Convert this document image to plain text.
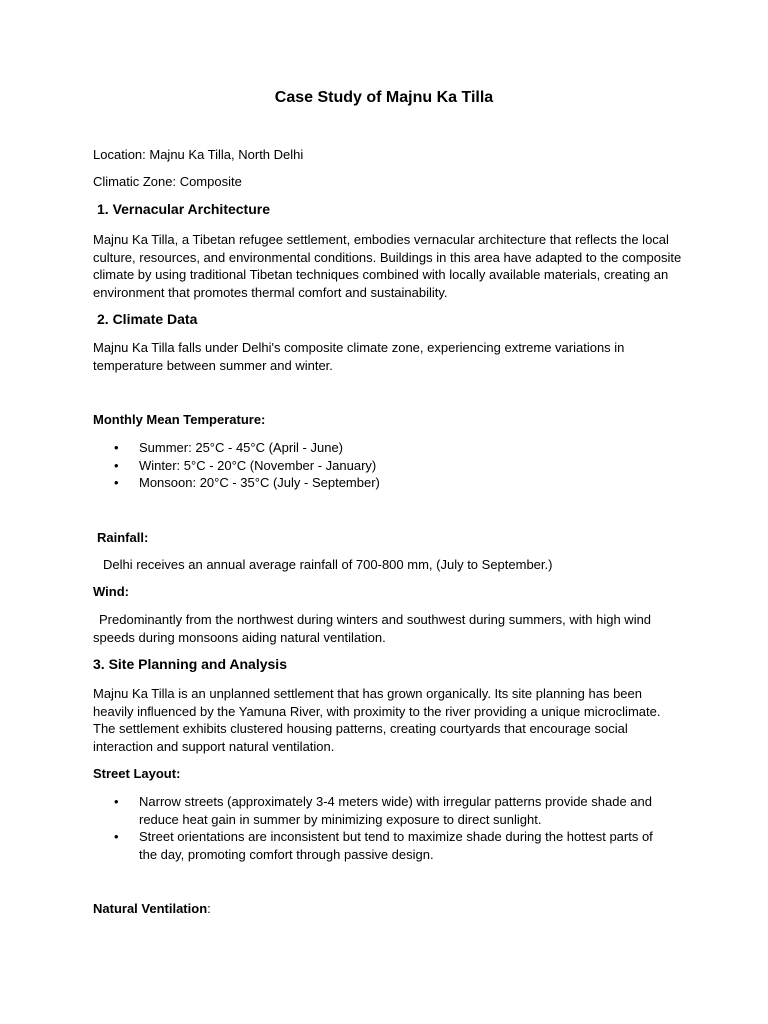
Case Study of Majnu Ka Tilla
Location: Majnu Ka Tilla, North Delhi
Climatic Zone: Composite
1. Vernacular Architecture
Majnu Ka Tilla, a Tibetan refugee settlement, embodies vernacular architecture that reflects the local culture, resources, and environmental conditions. Buildings in this area have adapted to the composite climate by using traditional Tibetan techniques combined with locally available materials, creating an environment that promotes thermal comfort and sustainability.
2. Climate Data
Majnu Ka Tilla falls under Delhi's composite climate zone, experiencing extreme variations in temperature between summer and winter.
Monthly Mean Temperature:
• Summer: 25°C - 45°C (April - June)
• Winter: 5°C - 20°C (November - January)
• Monsoon: 20°C - 35°C (July - September)
Rainfall:
Delhi receives an annual average rainfall of 700-800 mm, (July to September.)
Wind:
Predominantly from the northwest during winters and southwest during summers, with high wind speeds during monsoons aiding natural ventilation.
3. Site Planning and Analysis
Majnu Ka Tilla is an unplanned settlement that has grown organically. Its site planning has been heavily influenced by the Yamuna River, with proximity to the river providing a unique microclimate. The settlement exhibits clustered housing patterns, creating courtyards that encourage social interaction and support natural ventilation.
Street Layout:
• Narrow streets (approximately 3-4 meters wide) with irregular patterns provide shade and reduce heat gain in summer by minimizing exposure to direct sunlight.
• Street orientations are inconsistent but tend to maximize shade during the hottest parts of the day, promoting comfort through passive design.
Natural Ventilation:
